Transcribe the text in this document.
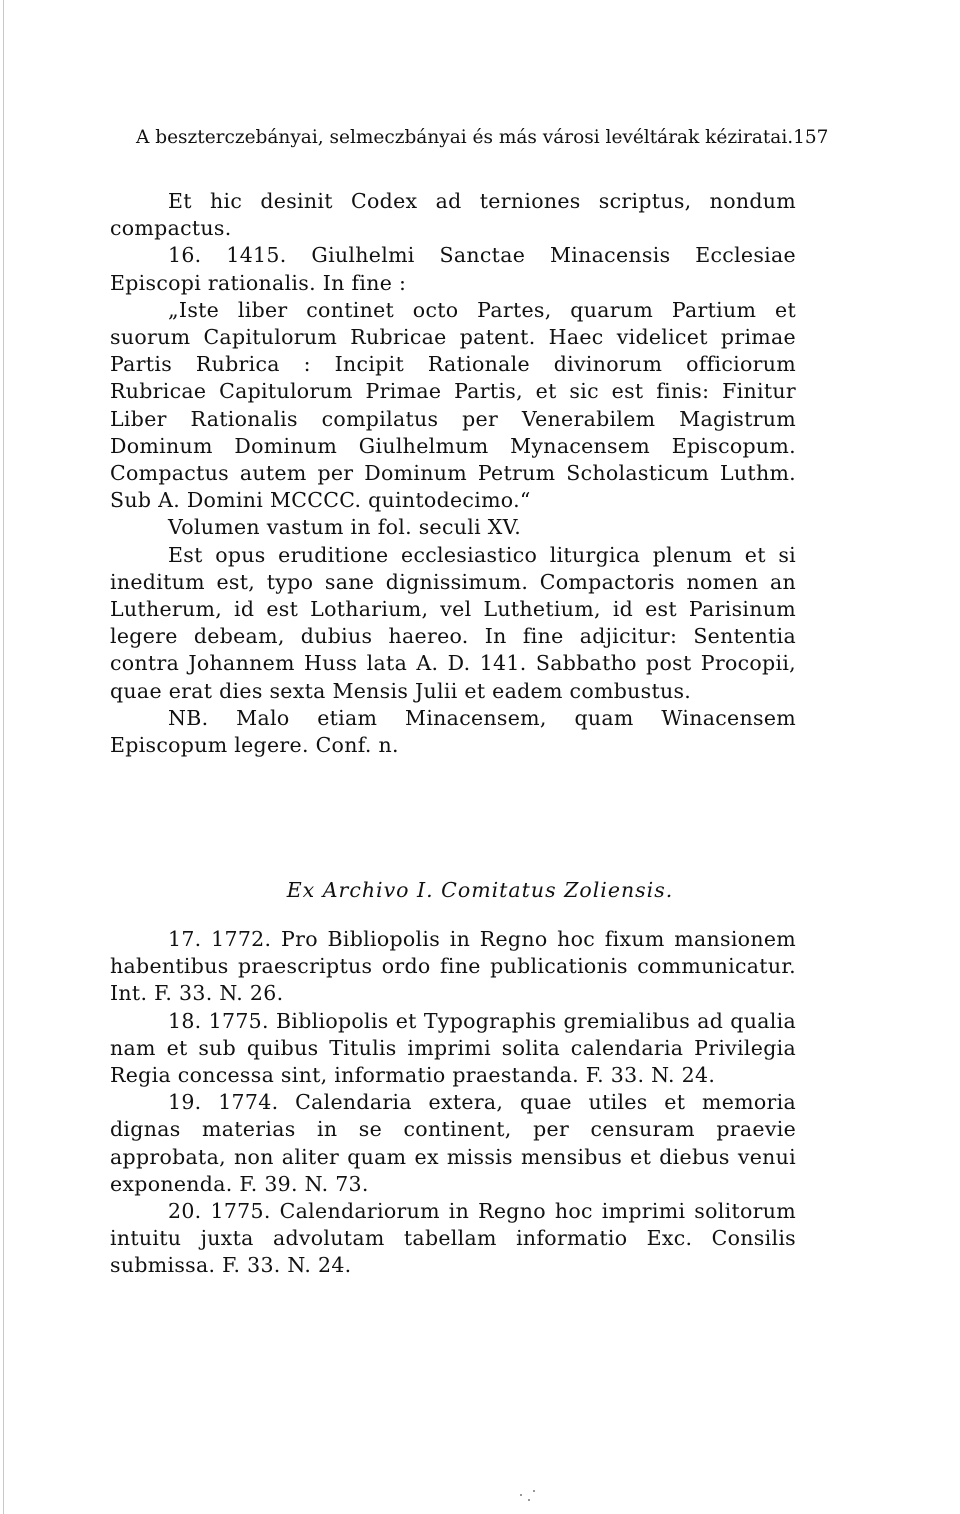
A beszterczebányai, selmeczbányai és más városi levéltárak kéziratai. 157

Et hic desinit Codex ad terniones scriptus, nondum compactus.

16. 1415. Giulhelmi Sanctae Minacensis Ecclesiae Episcopi rationalis. In fine :

„Iste liber continet octo Partes, quarum Partium et suorum Capitulorum Rubricae patent. Haec videlicet primae Partis Rubrica : Incipit Rationale divinorum officiorum Rubricae Capitulorum Primae Partis, et sic est finis: Finitur Liber Rationalis compilatus per Venerabilem Magistrum Dominum Dominum Giulhelmum Mynacensem Episcopum. Compactus autem per Dominum Petrum Scholasticum Luthm. Sub A. Domini MCCCC. quintodecimo.“

Volumen vastum in fol. seculi XV.

Est opus eruditione ecclesiastico liturgica plenum et si ineditum est, typo sane dignissimum. Compactoris nomen an Lutherum, id est Lotharium, vel Luthetium, id est Parisinum legere debeam, dubius haereo. In fine adjicitur: Sententia contra Johannem Huss lata A. D. 141. Sabbatho post Procopii, quae erat dies sexta Mensis Julii et eadem combustus.

NB. Malo etiam Minacensem, quam Winacensem Episcopum legere. Conf. n.

Ex Archivo I. Comitatus Zoliensis.

17. 1772. Pro Bibliopolis in Regno hoc fixum mansionem habentibus praescriptus ordo fine publicationis communicatur. Int. F. 33. N. 26.

18. 1775. Bibliopolis et Typographis gremialibus ad qualia nam et sub quibus Titulis imprimi solita calendaria Privilegia Regia concessa sint, informatio praestanda. F. 33. N. 24.

19. 1774. Calendaria extera, quae utiles et memoria dignas materias in se continent, per censuram praevie approbata, non aliter quam ex missis mensibus et diebus venui exponenda. F. 39. N. 73.

20. 1775. Calendariorum in Regno hoc imprimi solitorum intuitu juxta advolutam tabellam informatio Exc. Consilis submissa. F. 33. N. 24.
